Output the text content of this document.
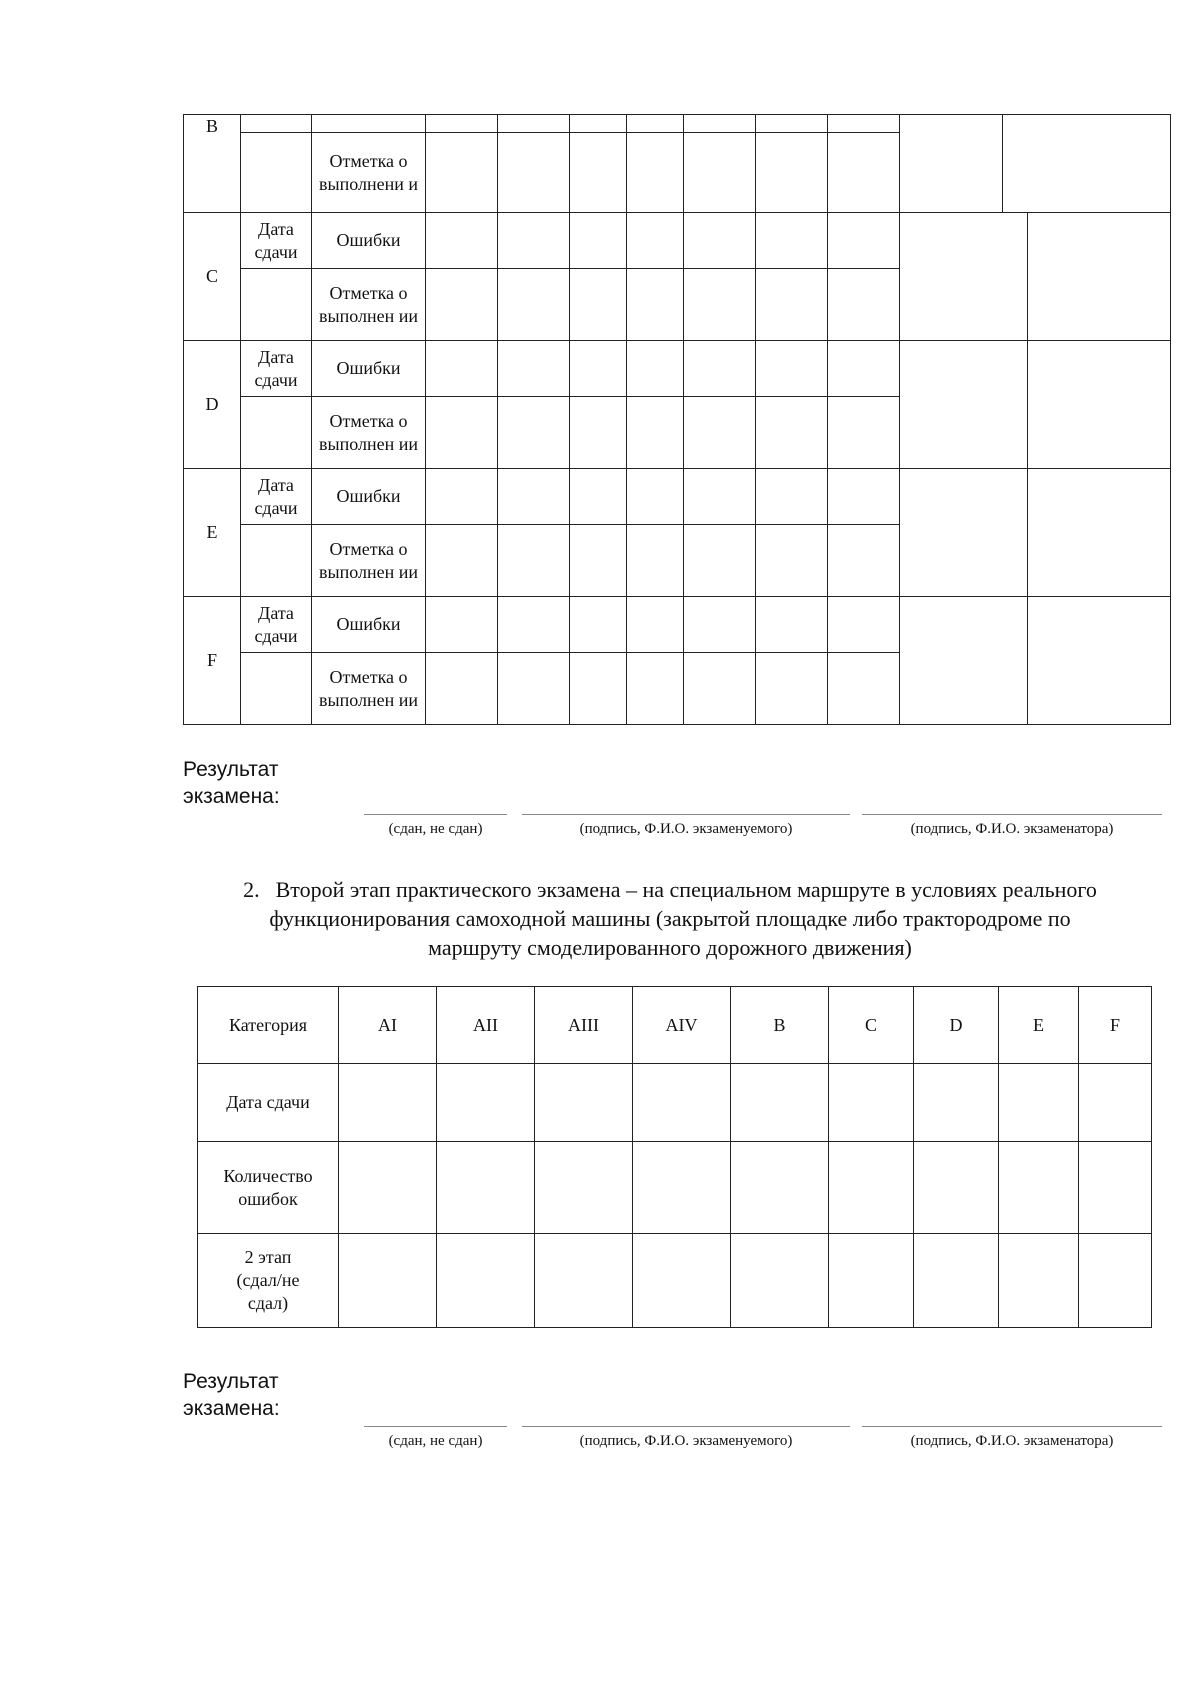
B												
		Отметка о выполнени и										
C	Дата сдачи	Ошибки										
		Отметка о выполнен ии										
D	Дата сдачи	Ошибки										
		Отметка о выполнен ии										
E	Дата сдачи	Ошибки										
		Отметка о выполнен ии										
F	Дата сдачи	Ошибки										
		Отметка о выполнен ии										
Результат экзамена:
(сдан, не сдан)	(подпись, Ф.И.О. экзаменуемого)	(подпись, Ф.И.О. экзаменатора)
2. Второй этап практического экзамена – на специальном маршруте в условиях реального функционирования самоходной машины (закрытой площадке либо трактородроме по маршруту смоделированного дорожного движения)
Категория	AI	AII	AIII	AIV	B	C	D	E	F
Дата сдачи									
Количество ошибок									
2 этап (сдал/не сдал)									
Результат экзамена:
(сдан, не сдан)	(подпись, Ф.И.О. экзаменуемого)	(подпись, Ф.И.О. экзаменатора)
